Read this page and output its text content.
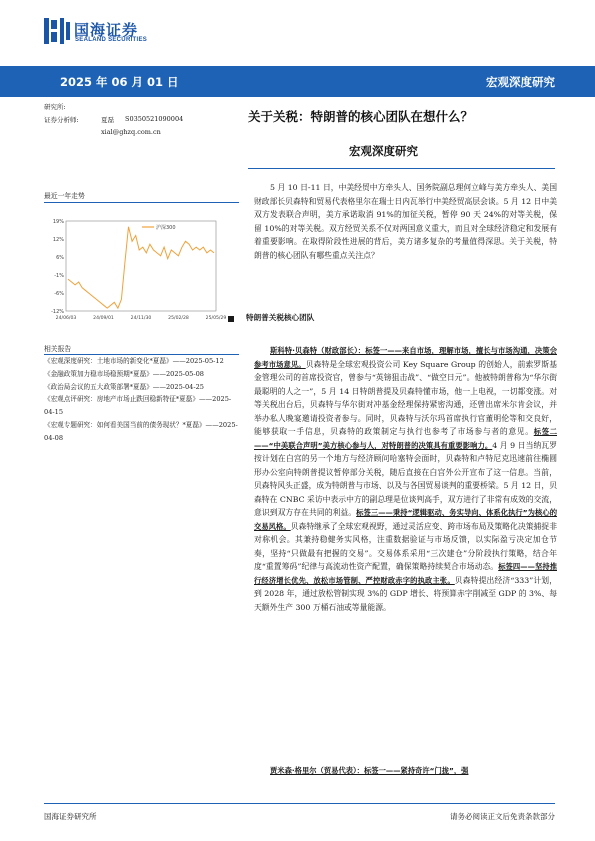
国海证券
SEALAND SECURITIES
2025 年 06 月 01 日	宏观深度研究
研究所:
证券分析师:	夏磊 S0350521090004
xial@ghzq.com.cn
关于关税：特朗普的核心团队在想什么？
宏观深度研究
最近一年走势
19%
12%
6%
-1%
-6%
-12%
24/06/03	24/09/01	24/11/30	25/02/28	25/05/29
沪深300
相关报告
《宏观深度研究：土地市场的新变化*夏磊》——2025-05-12
《金融政策加力稳市场稳预期*夏磊》——2025-05-08
《政治局会议的五大政策部署*夏磊》——2025-04-25
《宏观点评研究：房地产市场止跌回稳新特征*夏磊》——2025-04-15
《宏观专题研究：如何看美国当前的债务现状？*夏磊》——2025-04-08

5 月 10 日-11 日，中美经贸中方牵头人、国务院副总理何立峰与美方牵头人、美国财政部长贝森特和贸易代表格里尔在瑞士日内瓦举行中美经贸高层会谈。5 月 12 日中美双方发表联合声明，美方承诺取消 91%的加征关税，暂停 90 天 24%的对等关税，保留 10%的对等关税。双方经贸关系不仅对两国意义重大，而且对全球经济稳定和发展有着重要影响。在取得阶段性进展的背后，美方诸多复杂的考量值得深思。关于关税，特朗普的核心团队有哪些重点关注点？

特朗普关税核心团队

斯科特·贝森特（财政部长）：标签一——来自市场，理解市场，擅长与市场沟通，决策会参考市场意见。贝森特是全球宏观投资公司 Key Square Group 的创始人，前索罗斯基金管理公司的首席投资官，曾参与“英镑狙击战”、“做空日元”。他被特朗普称为“华尔街最聪明的人之一”，5 月 14 日特朗普提及贝森特懂市场，他一上电视，一切都变涨。对等关税出台后，贝森特与华尔街对冲基金经理保持紧密沟通，还曾出席米尔肯会议，并举办私人晚宴邀请投资者参与。同时，贝森特与沃尔玛首席执行官董明伦等和交良好，能够获取一手信息，贝森特的政策制定与执行也参考了市场参与者的意见。标签二——“中美联合声明”美方核心参与人，对特朗普的决策具有重要影响力。4 月 9 日当纳瓦罗按计划在白宫的另一个地方与经济顾问哈塞特会面时，贝森特和卢特尼克迅速前往椭圆形办公室向特朗普提议暂停部分关税，随后直接在白宫外公开宣布了这一信息。当前，贝森特风头正盛，成为特朗普与市场、以及与各国贸易谈判的重要桥梁。5 月 12 日，贝森特在 CNBC 采访中表示中方的副总理是位谈判高手，双方进行了非常有成效的交流，意识到双方存在共同的利益。标签三——秉持“逻辑驱动、务实导向、体系化执行”为核心的交易风格。贝森特继承了全球宏观视野，通过灵活应变、跨市场布局及策略化决策捕捉非对称机会。其兼持稳健务实风格，注重数据验证与市场反馈，以实际盈亏决定加仓节奏，坚持“只做最有把握的交易”。交易体系采用“三次建仓”分阶段执行策略，结合年度“重置筹码”纪律与高流动性资产配置，确保策略持续契合市场动态。标签四——坚持推行经济增长优先、放松市场管制、严控财政赤字的执政主张。贝森特提出经济“333”计划，到 2028 年，通过放松管制实现 3%的 GDP 增长、将预算赤字削减至 GDP 的 3%、每天额外生产 300 万桶石油或等量能源。

贾米森·格里尔（贸易代表）：标签一——紧持奇许“门拢”，强

国海证券研究所	请务必阅读正文后免责条款部分
